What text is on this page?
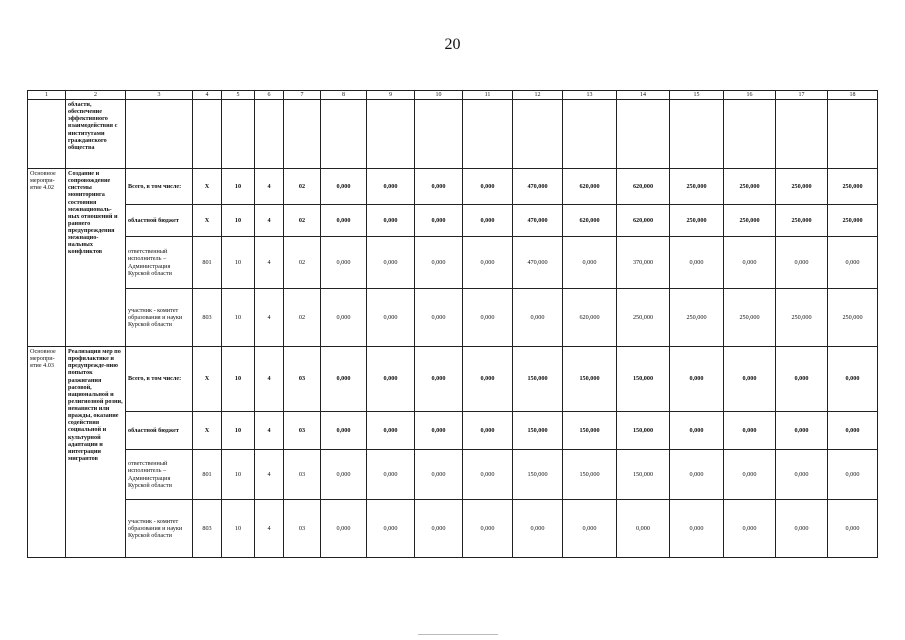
20
1	2	3	4	5	6	7	8	9	10	11	12	13	14	15	16	17	18
	области, обеспечение эффективного взаимодействия с институтами гражданского общества																
Основное меропри-ятие 4.02	Создание и сопровождение системы мониторинга состояния межнациональ-ных отношений и раннего предупреждения межнацио-нальных конфликтов	Всего, в том числе:	X	10	4	02	0,000	0,000	0,000	0,000	470,000	620,000	620,000	250,000	250,000	250,000	250,000
		областной бюджет	X	10	4	02	0,000	0,000	0,000	0,000	470,000	620,000	620,000	250,000	250,000	250,000	250,000
		ответственный исполнитель – Администрация Курской области	801	10	4	02	0,000	0,000	0,000	0,000	470,000	0,000	370,000	0,000	0,000	0,000	0,000
		участник - комитет образования и науки Курской области	803	10	4	02	0,000	0,000	0,000	0,000	0,000	620,000	250,000	250,000	250,000	250,000	250,000
Основное меропри-ятие 4.03	Реализация мер по профилактике и предупрежде-нию попыток разжигания расовой, национальной и религиозной розни, ненависти или вражды, оказание содействия социальной и культурной адаптации и интеграции мигрантов	Всего, в том числе:	X	10	4	03	0,000	0,000	0,000	0,000	150,000	150,000	150,000	0,000	0,000	0,000	0,000
		областной бюджет	X	10	4	03	0,000	0,000	0,000	0,000	150,000	150,000	150,000	0,000	0,000	0,000	0,000
		ответственный исполнитель – Администрация Курской области	801	10	4	03	0,000	0,000	0,000	0,000	150,000	150,000	150,000	0,000	0,000	0,000	0,000
		участник - комитет образования и науки Курской области	803	10	4	03	0,000	0,000	0,000	0,000	0,000	0,000	0,000	0,000	0,000	0,000	0,000
